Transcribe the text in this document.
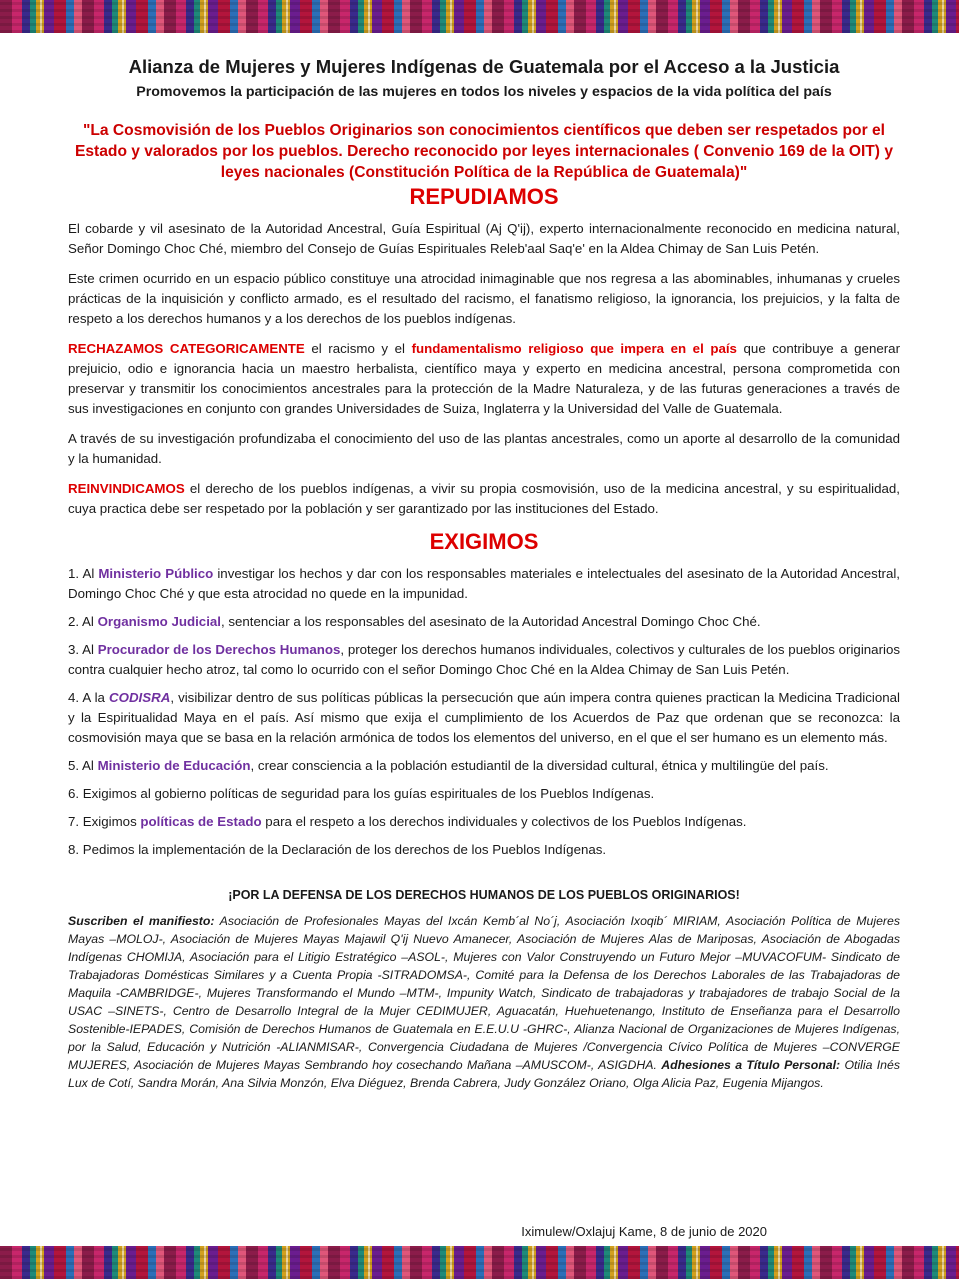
Alianza de Mujeres y Mujeres Indígenas de Guatemala por el Acceso a la Justicia

Promovemos la participación de las mujeres en todos los niveles y espacios de la vida política del país

"La Cosmovisión de los Pueblos Originarios son conocimientos científicos que deben ser respetados por el Estado y valorados por los pueblos. Derecho reconocido por leyes internacionales ( Convenio 169 de la OIT) y leyes nacionales (Constitución Política de la República de Guatemala)"

REPUDIAMOS

El cobarde y vil asesinato de la Autoridad Ancestral, Guía Espiritual (Aj Q'ij), experto internacionalmente reconocido en medicina natural, Señor Domingo Choc Ché, miembro del Consejo de Guías Espirituales Releb'aal Saq'e' en la Aldea Chimay de San Luis Petén.

Este crimen ocurrido en un espacio público constituye una atrocidad inimaginable que nos regresa a las abominables, inhumanas y crueles prácticas de la inquisición y conflicto armado, es el resultado del racismo, el fanatismo religioso, la ignorancia, los prejuicios, y la falta de respeto a los derechos humanos y a los derechos de los pueblos indígenas.

RECHAZAMOS CATEGORICAMENTE el racismo y el fundamentalismo religioso que impera en el país que contribuye a generar prejuicio, odio e ignorancia hacia un maestro herbalista, científico maya y experto en medicina ancestral, persona comprometida con preservar y transmitir los conocimientos ancestrales para la protección de la Madre Naturaleza, y de las futuras generaciones a través de sus investigaciones en conjunto con grandes Universidades de Suiza, Inglaterra y la Universidad del Valle de Guatemala.

A través de su investigación profundizaba el conocimiento del uso de las plantas ancestrales, como un aporte al desarrollo de la comunidad y la humanidad.

REINVINDICAMOS el derecho de los pueblos indígenas, a vivir su propia cosmovisión, uso de la medicina ancestral, y su espiritualidad, cuya practica debe ser respetado por la población y ser garantizado por las instituciones del Estado.

EXIGIMOS

1. Al Ministerio Público investigar los hechos y dar con los responsables materiales e intelectuales del asesinato de la Autoridad Ancestral, Domingo Choc Ché y que esta atrocidad no quede en la impunidad.

2. Al Organismo Judicial, sentenciar a los responsables del asesinato de la Autoridad Ancestral Domingo Choc Ché.

3. Al Procurador de los Derechos Humanos, proteger los derechos humanos individuales, colectivos y culturales de los pueblos originarios contra cualquier hecho atroz, tal como lo ocurrido con el señor Domingo Choc Ché en la Aldea Chimay de San Luis Petén.

4. A la CODISRA, visibilizar dentro de sus políticas públicas la persecución que aún impera contra quienes practican la Medicina Tradicional y la Espiritualidad Maya en el país. Así mismo que exija el cumplimiento de los Acuerdos de Paz que ordenan que se reconozca: la cosmovisión maya que se basa en la relación armónica de todos los elementos del universo, en el que el ser humano es un elemento más.

5. Al Ministerio de Educación, crear consciencia a la población estudiantil de la diversidad cultural, étnica y multilingüe del país.

6. Exigimos al gobierno políticas de seguridad para los guías espirituales de los Pueblos Indígenas.

7. Exigimos políticas de Estado para el respeto a los derechos individuales y colectivos de los Pueblos Indígenas.

8. Pedimos la implementación de la Declaración de los derechos de los Pueblos Indígenas.

¡POR LA DEFENSA DE LOS DERECHOS HUMANOS DE LOS PUEBLOS ORIGINARIOS!

Suscriben el manifiesto: Asociación de Profesionales Mayas del Ixcán Kemb´al No´j, Asociación Ixoqib´ MIRIAM, Asociación Política de Mujeres Mayas –MOLOJ-, Asociación de Mujeres Mayas Majawil Q'ij Nuevo Amanecer, Asociación de Mujeres Alas de Mariposas, Asociación de Abogadas Indígenas CHOMIJA, Asociación para el Litigio Estratégico –ASOL-, Mujeres con Valor Construyendo un Futuro Mejor –MUVACOFUM- Sindicato de Trabajadoras Domésticas Similares y a Cuenta Propia -SITRADOMSA-, Comité para la Defensa de los Derechos Laborales de las Trabajadoras de Maquila -CAMBRIDGE-, Mujeres Transformando el Mundo –MTM-, Impunity Watch, Sindicato de trabajadoras y trabajadores de trabajo Social de la USAC –SINETS-, Centro de Desarrollo Integral de la Mujer CEDIMUJER, Aguacatán, Huehuetenango, Instituto de Enseñanza para el Desarrollo Sostenible-IEPADES, Comisión de Derechos Humanos de Guatemala en E.E.U.U -GHRC-, Alianza Nacional de Organizaciones de Mujeres Indígenas, por la Salud, Educación y Nutrición -ALIANMISAR-, Convergencia Ciudadana de Mujeres /Convergencia Cívico Política de Mujeres –CONVERGE MUJERES, Asociación de Mujeres Mayas Sembrando hoy cosechando Mañana –AMUSCOM-, ASIGDHA. Adhesiones a Título Personal: Otilia Inés Lux de Cotí, Sandra Morán, Ana Silvia Monzón, Elva Diéguez, Brenda Cabrera, Judy González Oriano, Olga Alicia Paz, Eugenia Mijangos.

Iximulew/Oxlajuj Kame, 8 de junio de 2020
